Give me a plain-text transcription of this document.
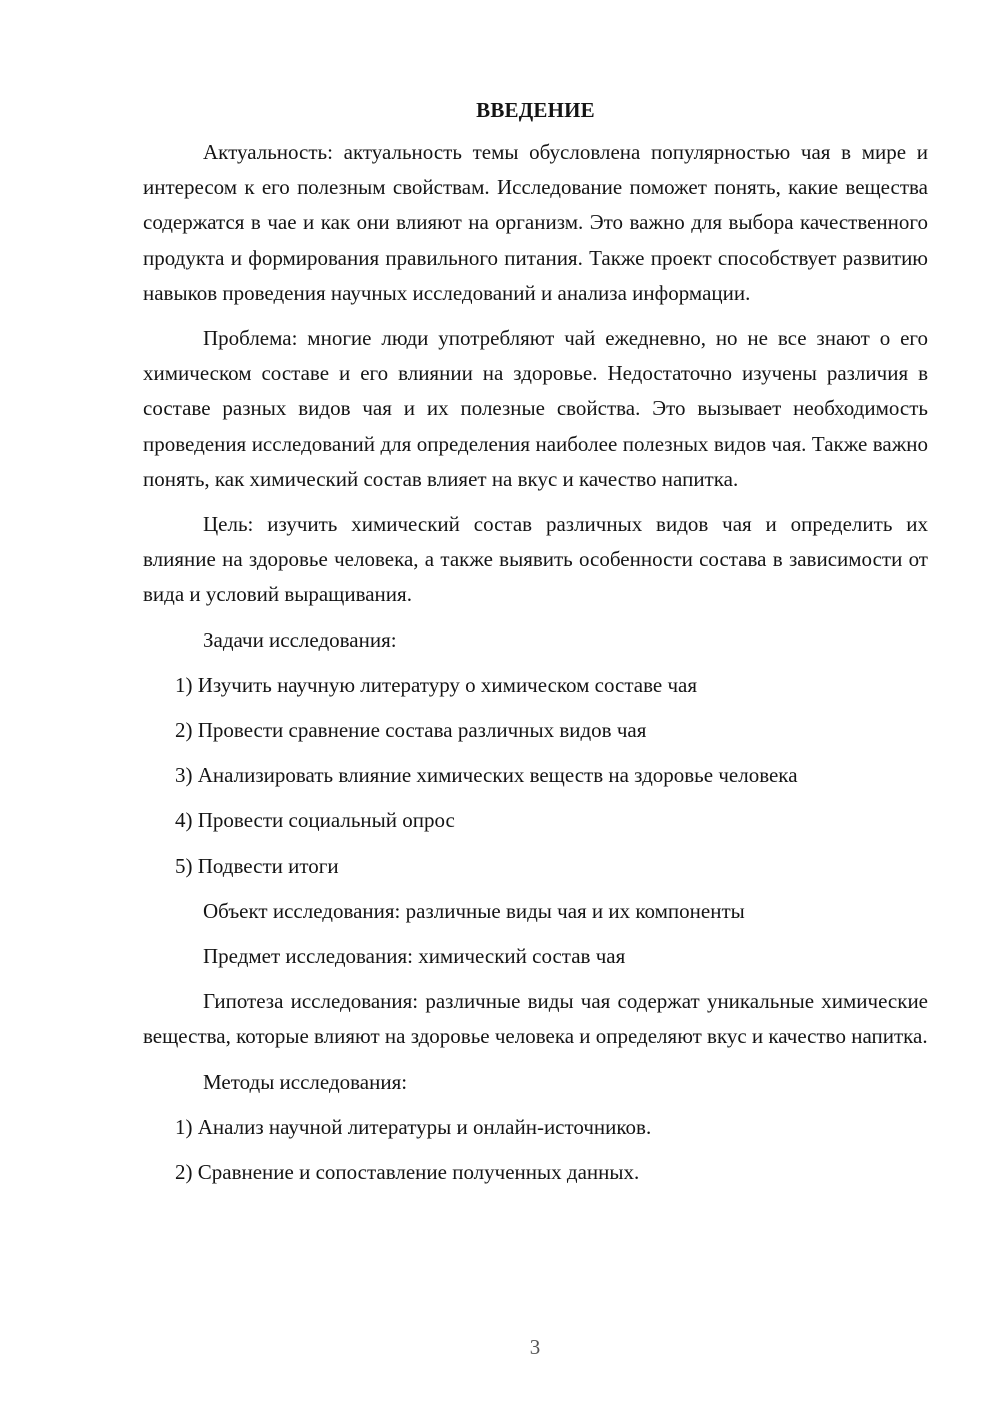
ВВЕДЕНИЕ

Актуальность: актуальность темы обусловлена популярностью чая в мире и интересом к его полезным свойствам. Исследование поможет понять, какие вещества содержатся в чае и как они влияют на организм. Это важно для выбора качественного продукта и формирования правильного питания. Также проект способствует развитию навыков проведения научных исследований и анализа информации.

Проблема: многие люди употребляют чай ежедневно, но не все знают о его химическом составе и его влиянии на здоровье. Недостаточно изучены различия в составе разных видов чая и их полезные свойства. Это вызывает необходимость проведения исследований для определения наиболее полезных видов чая. Также важно понять, как химический состав влияет на вкус и качество напитка.

Цель: изучить химический состав различных видов чая и определить их влияние на здоровье человека, а также выявить особенности состава в зависимости от вида и условий выращивания.

Задачи исследования:
1) Изучить научную литературу о химическом составе чая
2) Провести сравнение состава различных видов чая
3) Анализировать влияние химических веществ на здоровье человека
4) Провести социальный опрос
5) Подвести итоги
Объект исследования: различные виды чая и их компоненты
Предмет исследования: химический состав чая

Гипотеза исследования: различные виды чая содержат уникальные химические вещества, которые влияют на здоровье человека и определяют вкус и качество напитка.

Методы исследования:
1) Анализ научной литературы и онлайн-источников.
2) Сравнение и сопоставление полученных данных.
3
